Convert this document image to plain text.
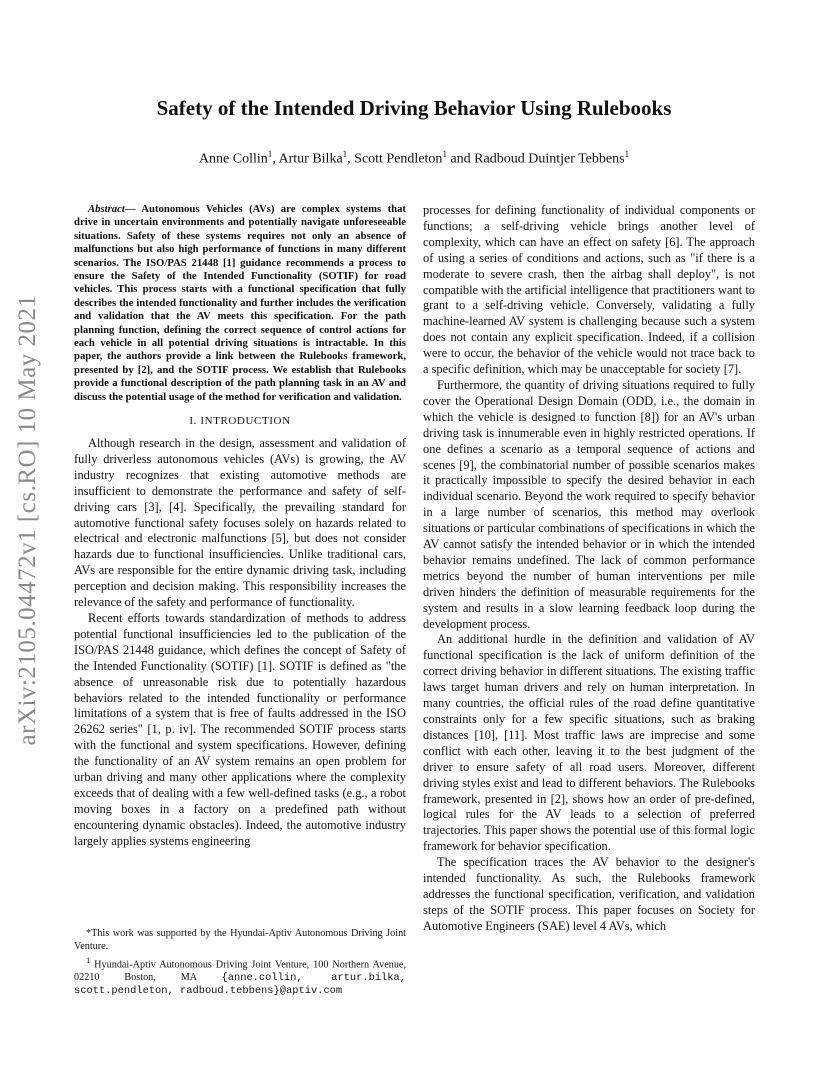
arXiv:2105.04472v1 [cs.RO] 10 May 2021
Safety of the Intended Driving Behavior Using Rulebooks
Anne Collin$^1$, Artur Bilka$^1$, Scott Pendleton$^1$ and Radboud Duintjer Tebbens$^1$

Abstract— Autonomous Vehicles (AVs) are complex systems that drive in uncertain environments and potentially navigate unforeseeable situations. Safety of these systems requires not only an absence of malfunctions but also high performance of functions in many different scenarios. The ISO/PAS 21448 [1] guidance recommends a process to ensure the Safety of the Intended Functionality (SOTIF) for road vehicles. This process starts with a functional specification that fully describes the intended functionality and further includes the verification and validation that the AV meets this specification. For the path planning function, defining the correct sequence of control actions for each vehicle in all potential driving situations is intractable. In this paper, the authors provide a link between the Rulebooks framework, presented by [2], and the SOTIF process. We establish that Rulebooks provide a functional description of the path planning task in an AV and discuss the potential usage of the method for verification and validation.

I. INTRODUCTION

Although research in the design, assessment and validation of fully driverless autonomous vehicles (AVs) is growing, the AV industry recognizes that existing automotive methods are insufficient to demonstrate the performance and safety of self-driving cars [3], [4]. Specifically, the prevailing standard for automotive functional safety focuses solely on hazards related to electrical and electronic malfunctions [5], but does not consider hazards due to functional insufficiencies. Unlike traditional cars, AVs are responsible for the entire dynamic driving task, including perception and decision making. This responsibility increases the relevance of the safety and performance of functionality.

Recent efforts towards standardization of methods to address potential functional insufficiencies led to the publication of the ISO/PAS 21448 guidance, which defines the concept of Safety of the Intended Functionality (SOTIF) [1]. SOTIF is defined as "the absence of unreasonable risk due to potentially hazardous behaviors related to the intended functionality or performance limitations of a system that is free of faults addressed in the ISO 26262 series" [1, p. iv]. The recommended SOTIF process starts with the functional and system specifications. However, defining the functionality of an AV system remains an open problem for urban driving and many other applications where the complexity exceeds that of dealing with a few well-defined tasks (e.g., a robot moving boxes in a factory on a predefined path without encountering dynamic obstacles). Indeed, the automotive industry largely applies systems engineering

processes for defining functionality of individual components or functions; a self-driving vehicle brings another level of complexity, which can have an effect on safety [6]. The approach of using a series of conditions and actions, such as "if there is a moderate to severe crash, then the airbag shall deploy", is not compatible with the artificial intelligence that practitioners want to grant to a self-driving vehicle. Conversely, validating a fully machine-learned AV system is challenging because such a system does not contain any explicit specification. Indeed, if a collision were to occur, the behavior of the vehicle would not trace back to a specific definition, which may be unacceptable for society [7].

Furthermore, the quantity of driving situations required to fully cover the Operational Design Domain (ODD, i.e., the domain in which the vehicle is designed to function [8]) for an AV's urban driving task is innumerable even in highly restricted operations. If one defines a scenario as a temporal sequence of actions and scenes [9], the combinatorial number of possible scenarios makes it practically impossible to specify the desired behavior in each individual scenario. Beyond the work required to specify behavior in a large number of scenarios, this method may overlook situations or particular combinations of specifications in which the AV cannot satisfy the intended behavior or in which the intended behavior remains undefined. The lack of common performance metrics beyond the number of human interventions per mile driven hinders the definition of measurable requirements for the system and results in a slow learning feedback loop during the development process.

An additional hurdle in the definition and validation of AV functional specification is the lack of uniform definition of the correct driving behavior in different situations. The existing traffic laws target human drivers and rely on human interpretation. In many countries, the official rules of the road define quantitative constraints only for a few specific situations, such as braking distances [10], [11]. Most traffic laws are imprecise and some conflict with each other, leaving it to the best judgment of the driver to ensure safety of all road users. Moreover, different driving styles exist and lead to different behaviors. The Rulebooks framework, presented in [2], shows how an order of pre-defined, logical rules for the AV leads to a selection of preferred trajectories. This paper shows the potential use of this formal logic framework for behavior specification.

The specification traces the AV behavior to the designer's intended functionality. As such, the Rulebooks framework addresses the functional specification, verification, and validation steps of the SOTIF process. This paper focuses on Society for Automotive Engineers (SAE) level 4 AVs, which

*This work was supported by the Hyundai-Aptiv Autonomous Driving Joint Venture.

$^1$ Hyundai-Aptiv Autonomous Driving Joint Venture, 100 Northern Avenue, 02210 Boston, MA {anne.collin, artur.bilka, scott.pendleton, radboud.tebbens}@aptiv.com
